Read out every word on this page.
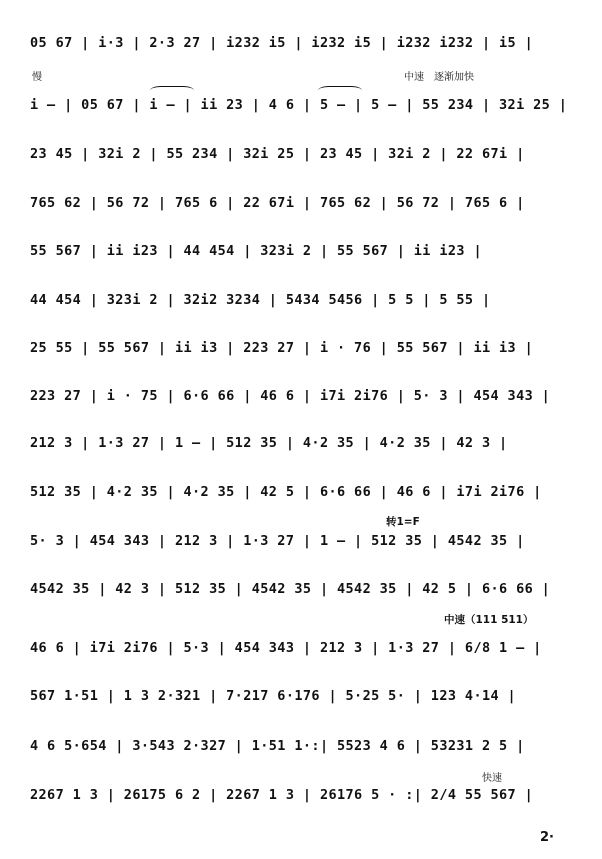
05 67 | i·3 | 2·3 27 | i232 i5 | i232 i5 | i232 i232 | i5 |
慢	中速　逐渐加快
i – | 05 67 | i – | ii 23 | 4 6 | 5 – | 5 – | 55 234 | 32i 25 |
23 45 | 32i 2 | 55 234 | 32i 25 | 23 45 | 32i 2 | 22 67i |
765 62 | 56 72 | 765 6 | 22 67i | 765 62 | 56 72 | 765 6 |
55 567 | ii i23 | 44 454 | 323i 2 | 55 567 | ii i23 |
44 454 | 323i 2 | 32i2 3234 | 5434 5456 | 5 5 | 5 55 |
25 55 | 55 567 | ii i3 | 223 27 | i · 76 | 55 567 | ii i3 |
223 27 | i · 75 | 6·6 66 | 46 6 | i7i 2i76 | 5· 3 | 454 343 |
212 3 | 1·3 27 | 1 – | 512 35 | 4·2 35 | 4·2 35 | 42 3 |
512 35 | 4·2 35 | 4·2 35 | 42 5 | 6·6 66 | 46 6 | i7i 2i76 |
转1=F
5· 3 | 454 343 | 212 3 | 1·3 27 | 1 – | 512 35 | 4542 35 |
4542 35 | 42 3 | 512 35 | 4542 35 | 4542 35 | 42 5 | 6·6 66 |
中速（111 511）
46 6 | i7i 2i76 | 5·3 | 454 343 | 212 3 | 1·3 27 | 6/8 1 – |
567 1·51 | 1 3 2·321 | 7·217 6·176 | 5·25 5· | 123 4·14 |
4 6 5·654 | 3·543 2·327 | 1·51 1·:| 5523 4 6 | 53231 2 5 |
快速
2267 1 3 | 26175 6 2 | 2267 1 3 | 26176 5 · :| 2/4 55 567 |
2·
